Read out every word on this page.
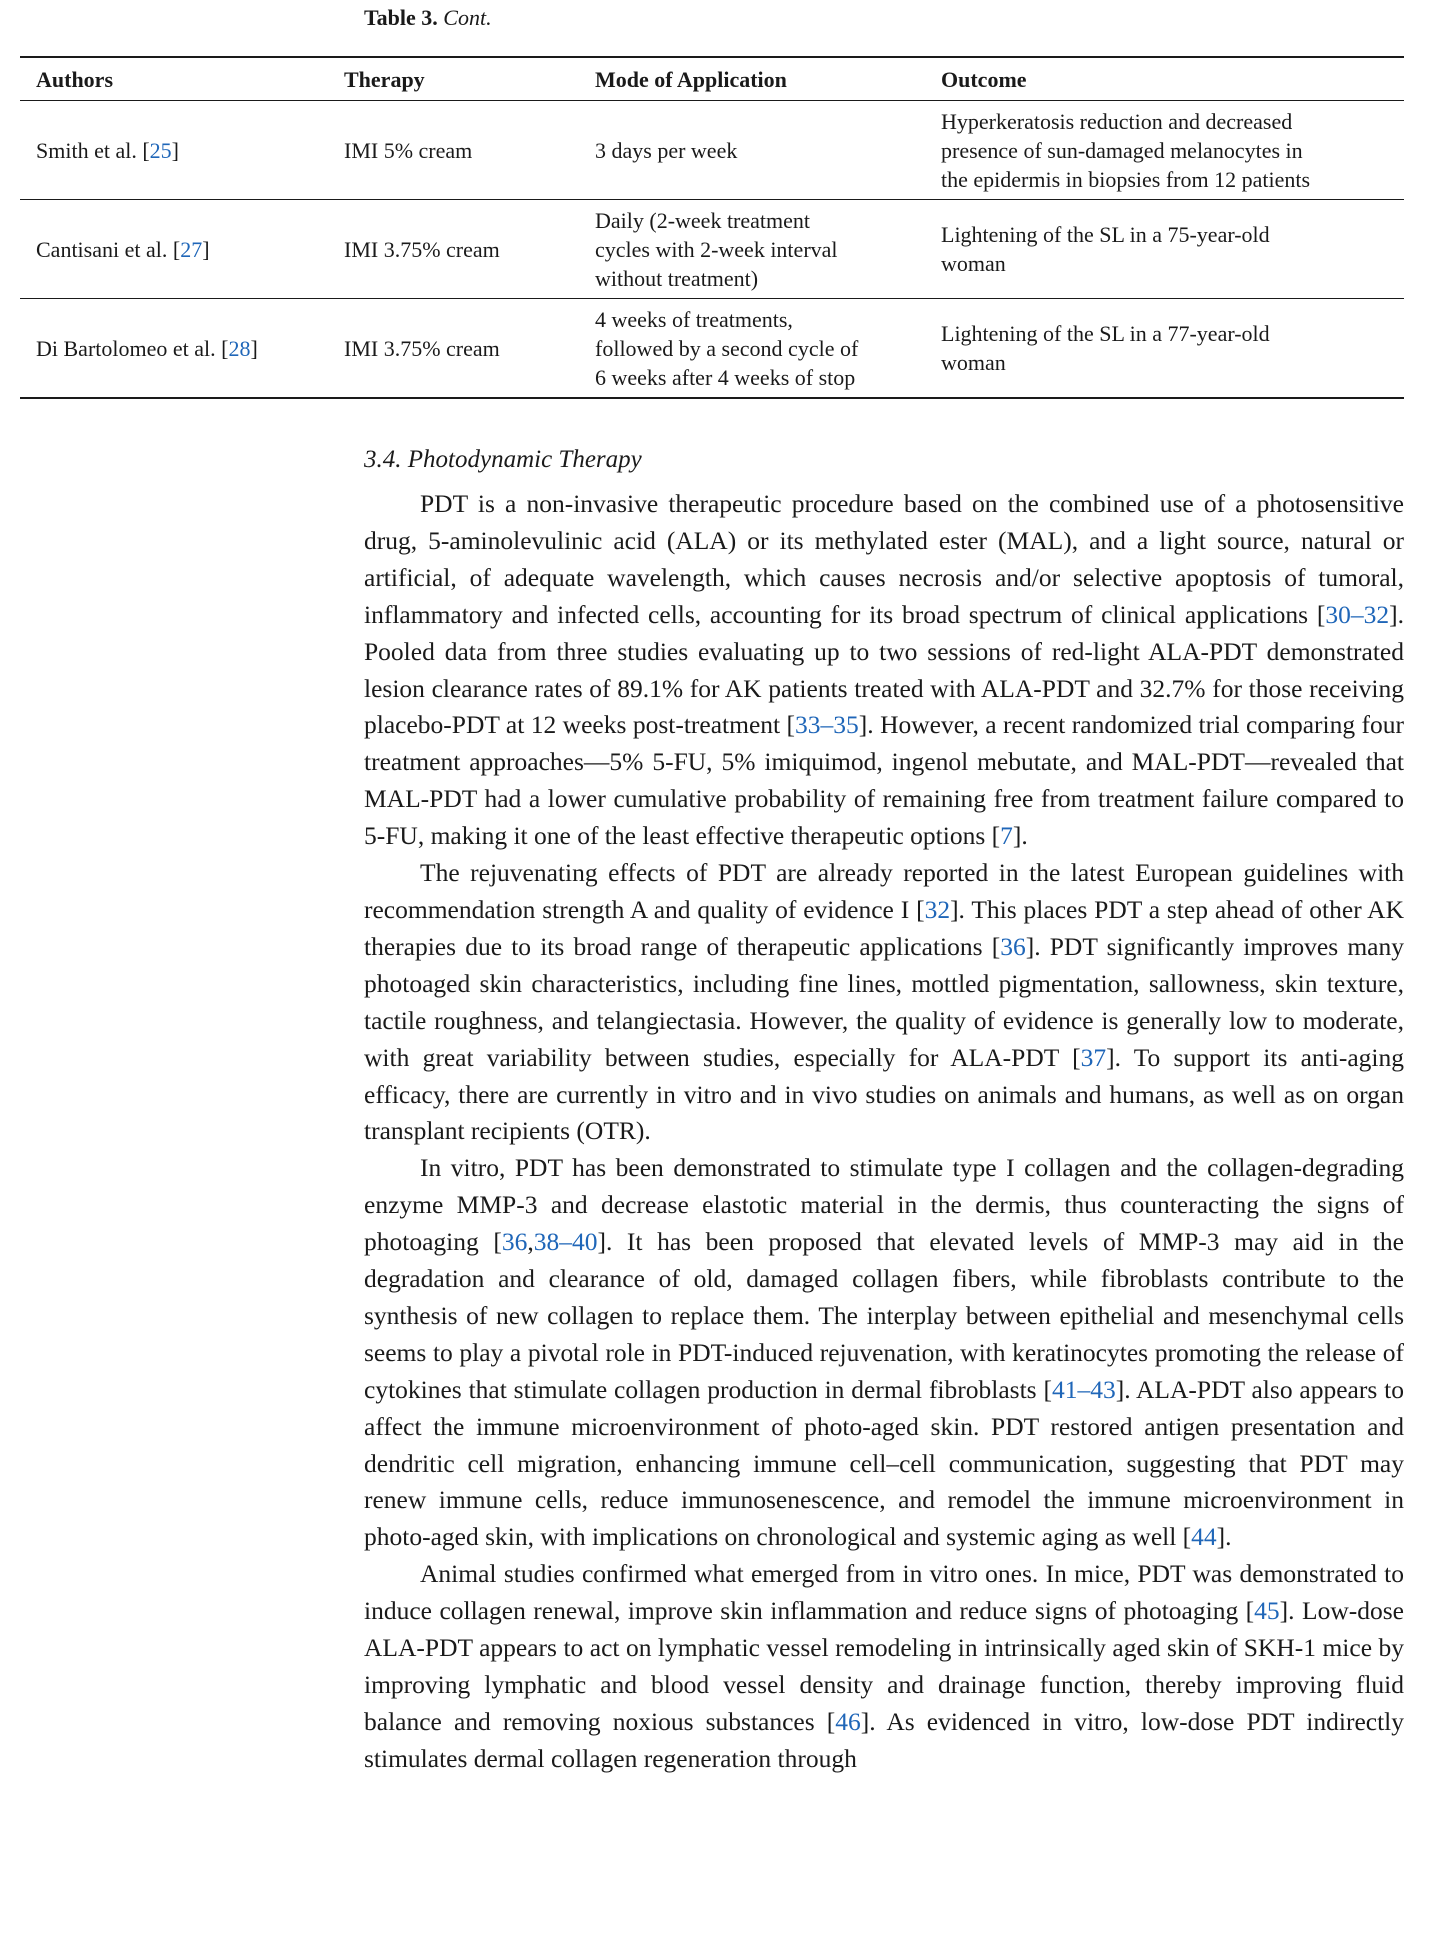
Table 3. Cont.
Authors	Therapy	Mode of Application	Outcome
Smith et al. [25]	IMI 5% cream	3 days per week	Hyperkeratosis reduction and decreased
presence of sun-damaged melanocytes in
the epidermis in biopsies from 12 patients

Cantisani et al. [27]	IMI 3.75% cream	Daily (2-week treatment
cycles with 2-week interval
without treatment)	Lightening of the SL in a 75-year-old
woman

Di Bartolomeo et al. [28]	IMI 3.75% cream	4 weeks of treatments,
followed by a second cycle of
6 weeks after 4 weeks of stop	Lightening of the SL in a 77-year-old
woman
3.4. Photodynamic Therapy

PDT is a non-invasive therapeutic procedure based on the combined use of a photosensitive drug, 5-aminolevulinic acid (ALA) or its methylated ester (MAL), and a light source, natural or artificial, of adequate wavelength, which causes necrosis and/or selective apoptosis of tumoral, inflammatory and infected cells, accounting for its broad spectrum of clinical applications [30–32]. Pooled data from three studies evaluating up to two sessions of red-light ALA-PDT demonstrated lesion clearance rates of 89.1% for AK patients treated with ALA-PDT and 32.7% for those receiving placebo-PDT at 12 weeks post-treatment [33–35]. However, a recent randomized trial comparing four treatment approaches—5% 5-FU, 5% imiquimod, ingenol mebutate, and MAL-PDT—revealed that MAL-PDT had a lower cumulative probability of remaining free from treatment failure compared to 5-FU, making it one of the least effective therapeutic options [7].

The rejuvenating effects of PDT are already reported in the latest European guidelines with recommendation strength A and quality of evidence I [32]. This places PDT a step ahead of other AK therapies due to its broad range of therapeutic applications [36]. PDT significantly improves many photoaged skin characteristics, including fine lines, mottled pigmentation, sallowness, skin texture, tactile roughness, and telangiectasia. However, the quality of evidence is generally low to moderate, with great variability between studies, especially for ALA-PDT [37]. To support its anti-aging efficacy, there are currently in vitro and in vivo studies on animals and humans, as well as on organ transplant recipients (OTR).

In vitro, PDT has been demonstrated to stimulate type I collagen and the collagen-degrading enzyme MMP-3 and decrease elastotic material in the dermis, thus counteracting the signs of photoaging [36,38–40]. It has been proposed that elevated levels of MMP-3 may aid in the degradation and clearance of old, damaged collagen fibers, while fibroblasts contribute to the synthesis of new collagen to replace them. The interplay between epithelial and mesenchymal cells seems to play a pivotal role in PDT-induced rejuvenation, with keratinocytes promoting the release of cytokines that stimulate collagen production in dermal fibroblasts [41–43]. ALA-PDT also appears to affect the immune microenvironment of photo-aged skin. PDT restored antigen presentation and dendritic cell migration, enhancing immune cell–cell communication, suggesting that PDT may renew immune cells, reduce immunosenescence, and remodel the immune microenvironment in photo-aged skin, with implications on chronological and systemic aging as well [44].

Animal studies confirmed what emerged from in vitro ones. In mice, PDT was demonstrated to induce collagen renewal, improve skin inflammation and reduce signs of photoaging [45]. Low-dose ALA-PDT appears to act on lymphatic vessel remodeling in intrinsically aged skin of SKH-1 mice by improving lymphatic and blood vessel density and drainage function, thereby improving fluid balance and removing noxious substances [46]. As evidenced in vitro, low-dose PDT indirectly stimulates dermal collagen regeneration through
